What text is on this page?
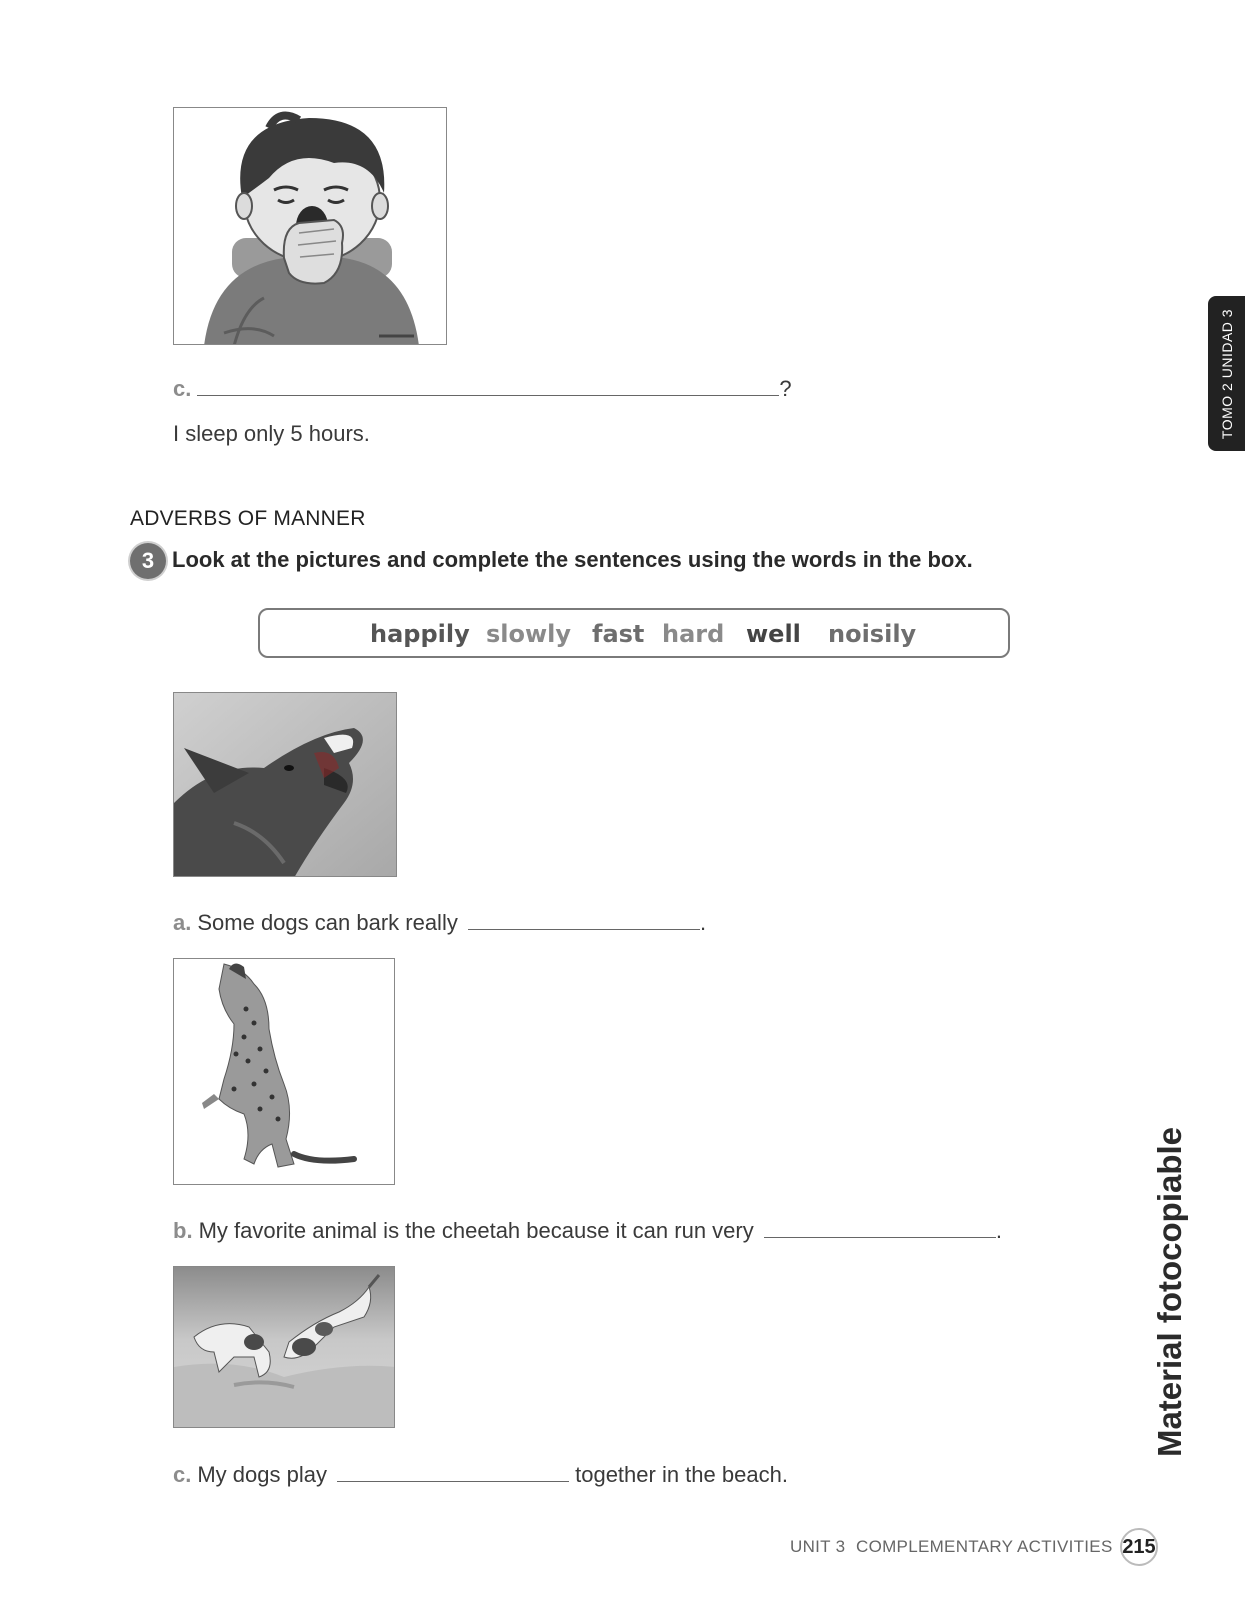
TOMO 2 UNIDAD 3
c.	?
I sleep only 5 hours.
ADVERBS OF MANNER
3 Look at the pictures and complete the sentences using the words in the box.
happily slowly fast hard well noisily
a. Some dogs can bark really	.
b. My favorite animal is the cheetah because it can run very	.
c. My dogs play	together in the beach.
Material fotocopiable
UNIT 3 COMPLEMENTARY ACTIVITIES 215
